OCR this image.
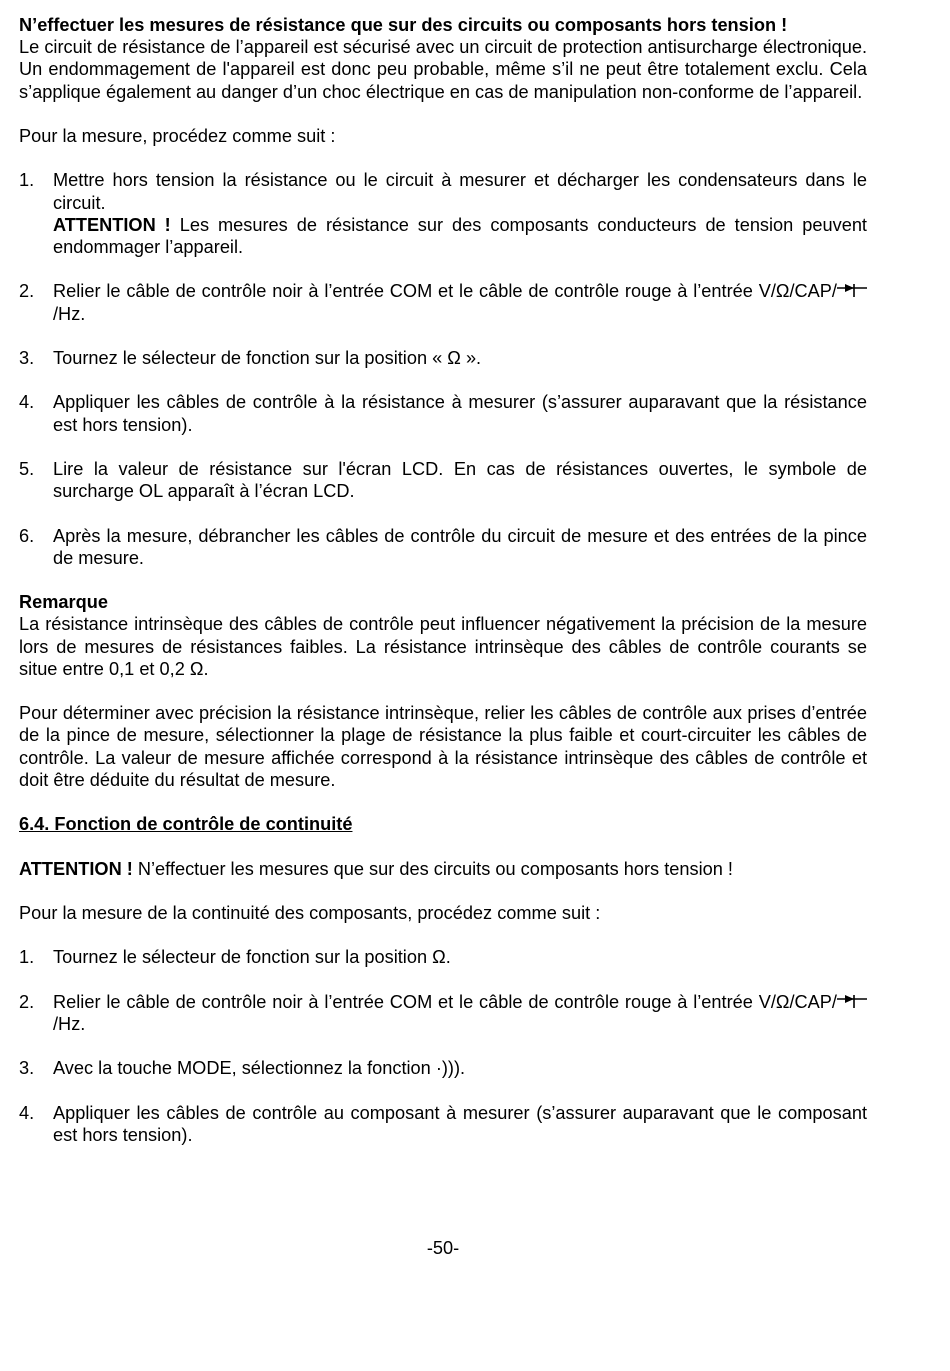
N’effectuer les mesures de résistance que sur des circuits ou composants hors tension !

Le circuit de résistance de l’appareil est sécurisé avec un circuit de protection antisurcharge électronique. Un endommagement de l'appareil est donc peu probable, même s’il ne peut être totalement exclu. Cela s’applique également au danger d’un choc électrique en cas de manipulation non-conforme de l’appareil.

Pour la mesure, procédez comme suit :

1. Mettre hors tension la résistance ou le circuit à mesurer et décharger les condensateurs dans le circuit.
ATTENTION ! Les mesures de résistance sur des composants conducteurs de tension peuvent endommager l’appareil.
2. Relier le câble de contrôle noir à l’entrée COM et le câble de contrôle rouge à l’entrée V/Ω/CAP/ /Hz.
3. Tournez le sélecteur de fonction sur la position « Ω ».
4. Appliquer les câbles de contrôle à la résistance à mesurer (s’assurer auparavant que la résistance est hors tension).
5. Lire la valeur de résistance sur l'écran LCD. En cas de résistances ouvertes, le symbole de surcharge OL apparaît à l’écran LCD.
6. Après la mesure, débrancher les câbles de contrôle du circuit de mesure et des entrées de la pince de mesure.

Remarque

La résistance intrinsèque des câbles de contrôle peut influencer négativement la précision de la mesure lors de mesures de résistances faibles. La résistance intrinsèque des câbles de contrôle courants se situe entre 0,1 et 0,2 Ω.

Pour déterminer avec précision la résistance intrinsèque, relier les câbles de contrôle aux prises d’entrée de la pince de mesure, sélectionner la plage de résistance la plus faible et court-circuiter les câbles de contrôle. La valeur de mesure affichée correspond à la résistance intrinsèque des câbles de contrôle et doit être déduite du résultat de mesure.

6.4. Fonction de contrôle de continuité

ATTENTION ! N’effectuer les mesures que sur des circuits ou composants hors tension !

Pour la mesure de la continuité des composants, procédez comme suit :

1. Tournez le sélecteur de fonction sur la position Ω.
2. Relier le câble de contrôle noir à l’entrée COM et le câble de contrôle rouge à l’entrée V/Ω/CAP/ /Hz.
3. Avec la touche MODE, sélectionnez la fonction ·))).
4. Appliquer les câbles de contrôle au composant à mesurer (s’assurer auparavant que le composant est hors tension).
-50-
